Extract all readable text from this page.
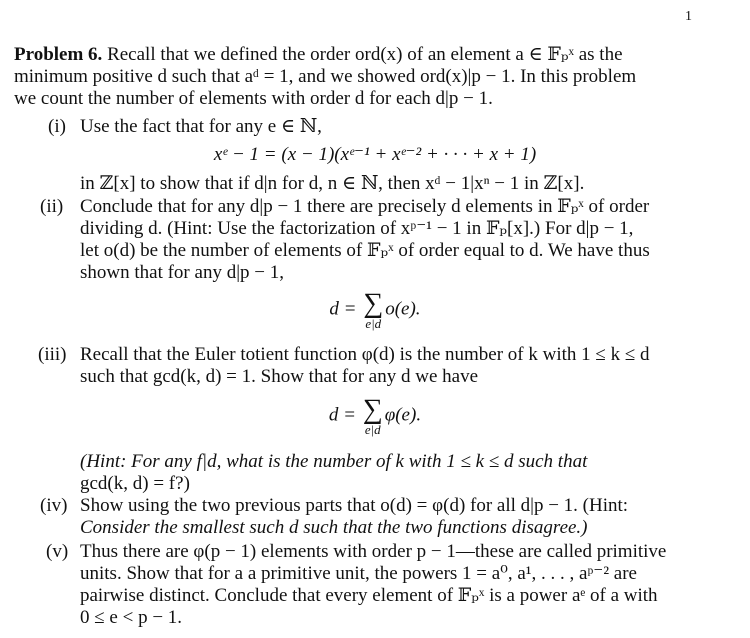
1
Problem 6. Recall that we defined the order ord(x) of an element a ∈ 𝔽ₚˣ as the
minimum positive d such that aᵈ = 1, and we showed ord(x)|p − 1. In this problem
we count the number of elements with order d for each d|p − 1.
(i) Use the fact that for any e ∈ ℕ,
xᵉ − 1 = (x − 1)(xᵉ⁻¹ + xᵉ⁻² + · · · + x + 1)
in ℤ[x] to show that if d|n for d, n ∈ ℕ, then xᵈ − 1|xⁿ − 1 in ℤ[x].
(ii) Conclude that for any d|p − 1 there are precisely d elements in 𝔽ₚˣ of order
dividing d. (Hint: Use the factorization of xᵖ⁻¹ − 1 in 𝔽ₚ[x].) For d|p − 1,
let o(d) be the number of elements of 𝔽ₚˣ of order equal to d. We have thus
shown that for any d|p − 1,
d = ∑
e|d
o(e).
(iii) Recall that the Euler totient function φ(d) is the number of k with 1 ≤ k ≤ d
such that gcd(k, d) = 1. Show that for any d we have
d = ∑
e|d
φ(e).
(Hint: For any f|d, what is the number of k with 1 ≤ k ≤ d such that
gcd(k, d) = f?)
(iv) Show using the two previous parts that o(d) = φ(d) for all d|p − 1. (Hint:
Consider the smallest such d such that the two functions disagree.)
(v) Thus there are φ(p − 1) elements with order p − 1—these are called primitive
units. Show that for a a primitive unit, the powers 1 = a⁰, a¹, . . . , aᵖ⁻² are
pairwise distinct. Conclude that every element of 𝔽ₚˣ is a power aᵉ of a with
0 ≤ e < p − 1.
